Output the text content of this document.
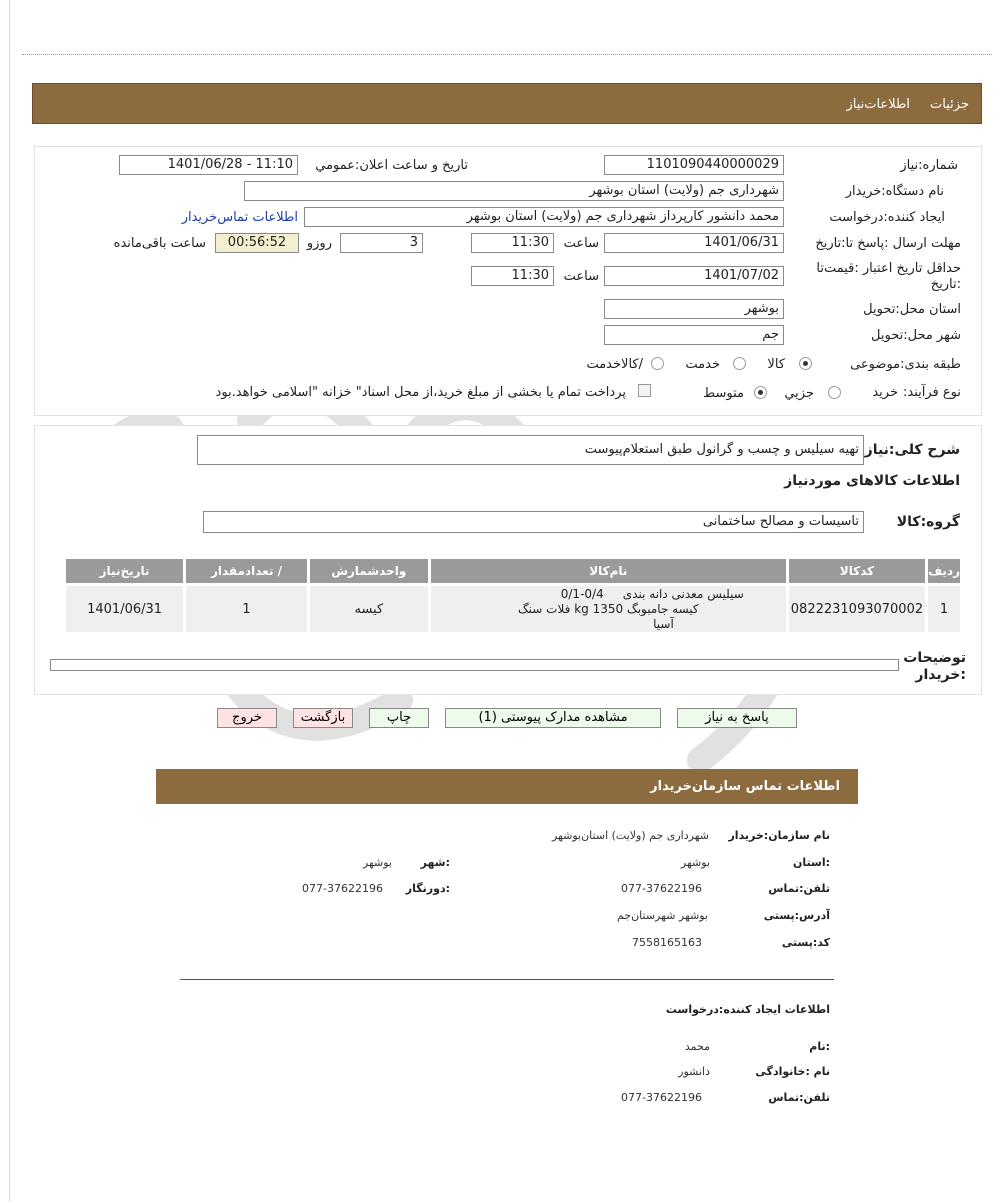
جزئیات اطلاعات‌نیاز
شماره:نیاز
1101090440000029
تاریخ و ساعت اعلان:عمومي
1401/06/28 - 11:10
نام دستگاه:خریدار
شهرداری جم (ولایت) استان بوشهر
ایجاد کننده:درخواست
محمد دانشور کارپرداز شهرداری جم (ولایت) استان بوشهر
اطلاعات تماس‌خریدار
مهلت ارسال :پاسخ تا:تاریخ
1401/06/31
ساعت
11:30
3
روزو
00:56:52
ساعت باقی‌مانده
حداقل تاریخ اعتبار :قیمت‌تا :تاریخ
1401/07/02
ساعت
11:30
استان محل:تحویل
بوشهر
شهر محل:تحویل
جم
طبقه بندی:موضوعی
کالا
خدمت
/کالاخدمت
نوع فرآیند:
خرید
جزیي
متوسط
پرداخت تمام یا بخشی از مبلغ خرید،از محل اسناد" خزانه "اسلامی خواهد.بود
شرح کلی:نیاز
تهیه سیلیس و چسب و گرانول طبق استعلام‌پیوست
اطلاعات کالاهای موردنیاز
گروه:کالا
تاسیسات و مصالح ساختمانی
ردیف	کدکالا	نام‌کالا	واحدشمارش	/ تعدادمقدار	تاریخ‌نیاز
1	0822231093070002	سیلیس معدنی دانه بندی     0/1-0/4
کیسه جامبوبگ 1350 kg فلات سنگ
آسیا	کیسه	1	1401/06/31
توضیحات :خریدار
پاسخ به نیاز
مشاهده مدارک پیوستی (1)
چاپ
بازگشت
خروج
اطلاعات تماس سازمان‌خریدار
نام سازمان:خریدار
شهرداری جم (ولایت) استان‌بوشهر
:استان
بوشهر
:شهر
بوشهر
تلفن:تماس
077-37622196
:دورنگار
077-37622196
آدرس:پستی
بوشهر شهرستان‌جم
کد:پستی
7558165163
اطلاعات ایجاد کننده:درخواست
:نام
محمد
نام :خانوادگی
دانشور
تلفن:تماس
077-37622196
